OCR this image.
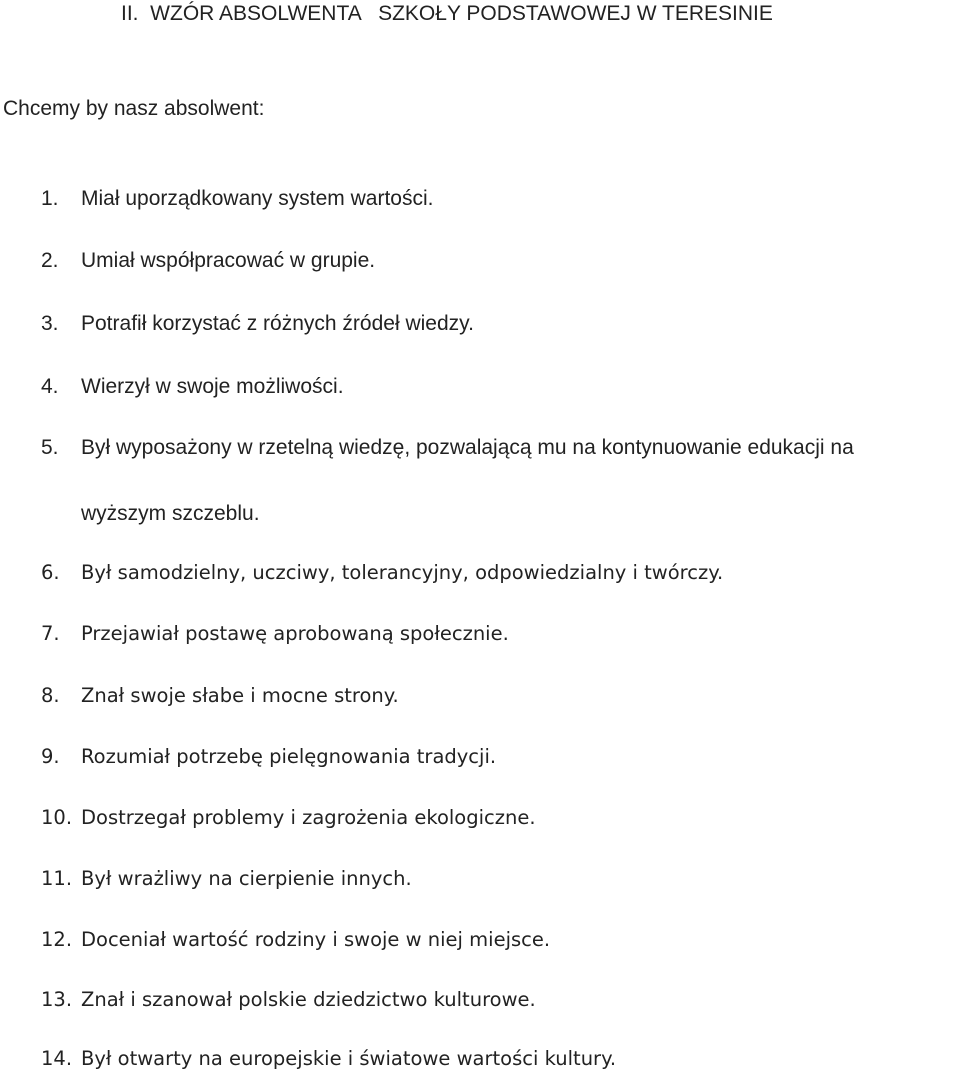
II.  WZÓR ABSOLWENTA   SZKOŁY PODSTAWOWEJ W TERESINIE

Chcemy by nasz absolwent:

1.	Miał uporządkowany system wartości.
2.	Umiał współpracować w grupie.
3.	Potrafił korzystać z różnych źródeł wiedzy.
4.	Wierzył w swoje możliwości.
5.	Był wyposażony w rzetelną wiedzę, pozwalającą mu na kontynuowanie edukacji na
6.	Był samodzielny, uczciwy, tolerancyjny, odpowiedzialny i twórczy.
7.	Przejawiał postawę aprobowaną społecznie.
8.	Znał swoje słabe i mocne strony.
9.	Rozumiał potrzebę pielęgnowania tradycji.
10. Dostrzegał problemy i zagrożenia ekologiczne.
11. Był wrażliwy na cierpienie innych.
12. Doceniał wartość rodziny i swoje w niej miejsce.
13. Znał i szanował polskie dziedzictwo kulturowe.
14. Był otwarty na europejskie i światowe wartości kultury.
wyższym szczeblu.
